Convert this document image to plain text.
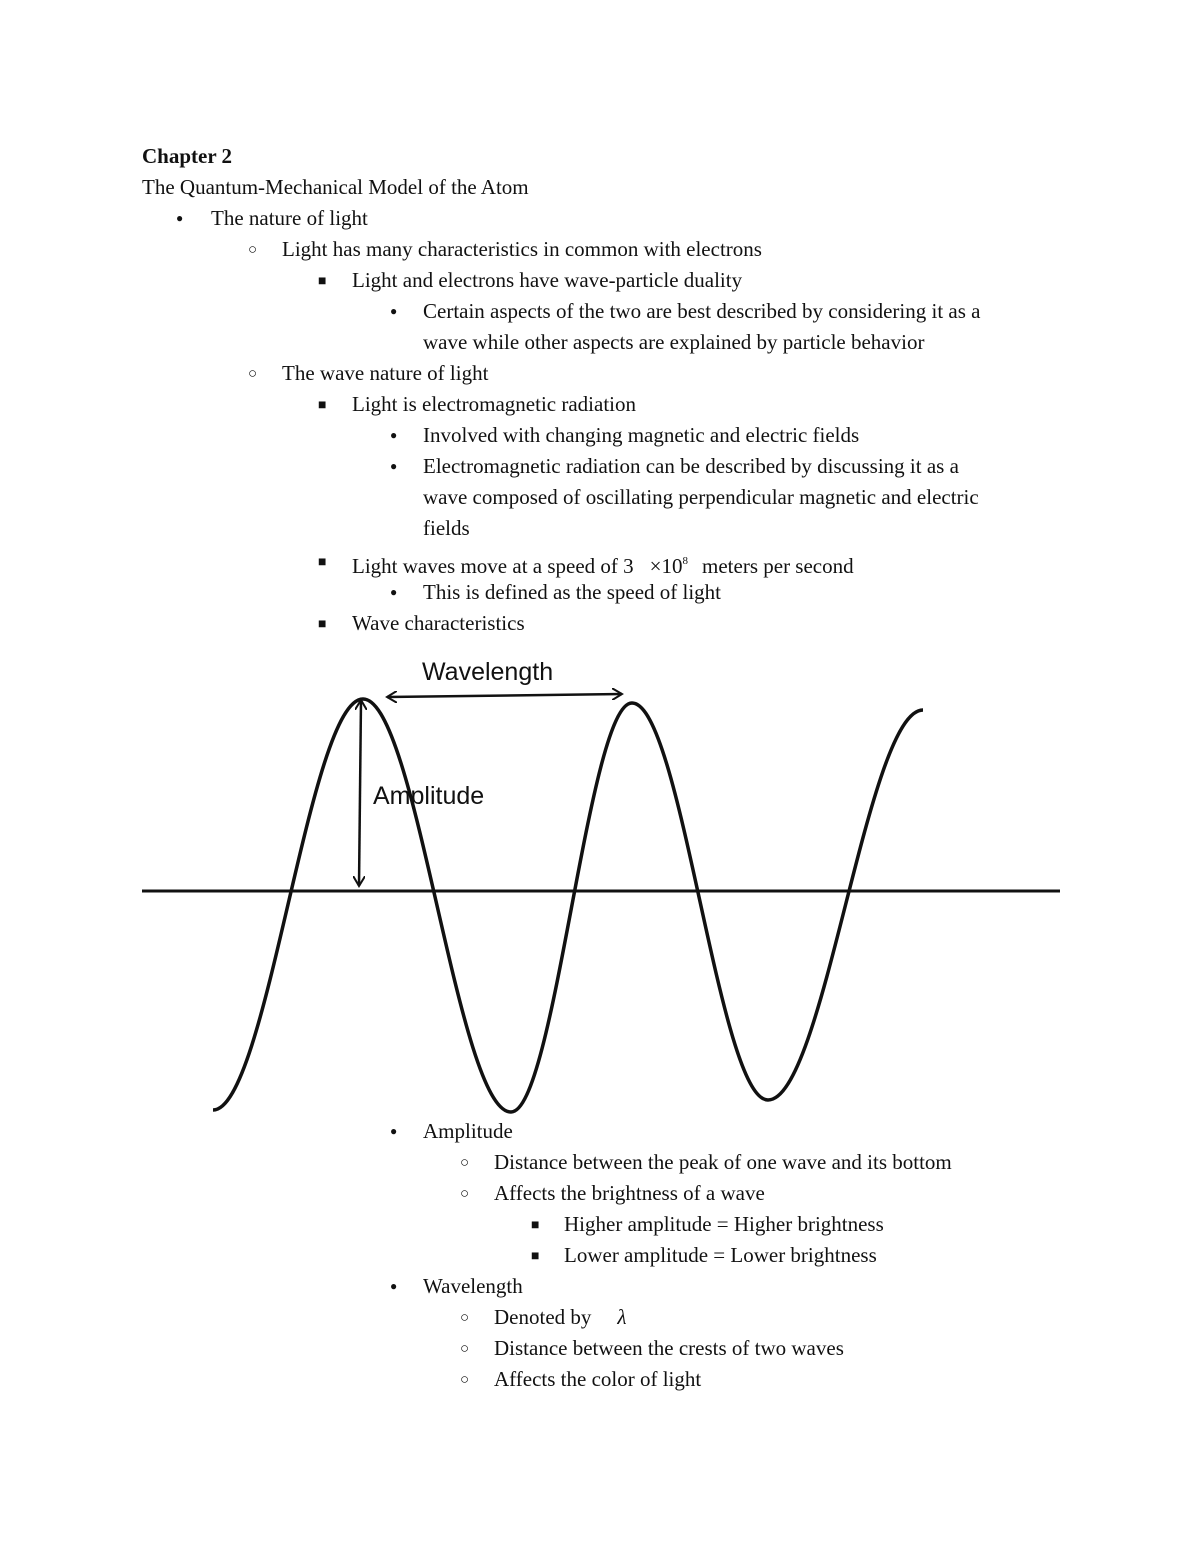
Chapter 2
The Quantum-Mechanical Model of the Atom
●
The nature of light
○
Light has many characteristics in common with electrons
■
Light and electrons have wave-particle duality
●
Certain aspects of the two are best described by considering it as a
wave while other aspects are explained by particle behavior
○
The wave nature of light
■
Light is electromagnetic radiation
●
Involved with changing magnetic and electric fields
●
Electromagnetic radiation can be described by discussing it as a
wave composed of oscillating perpendicular magnetic and electric
fields
■
Light waves move at a speed of $3 \times 10^8$ meters per second
●
This is defined as the speed of light
■
Wave characteristics
Wavelength
Amplitude
●
Amplitude
○
Distance between the peak of one wave and its bottom
○
Affects the brightness of a wave
■
Higher amplitude = Higher brightness
■
Lower amplitude = Lower brightness
●
Wavelength
○
Denoted by λ
○
Distance between the crests of two waves
○
Affects the color of light
